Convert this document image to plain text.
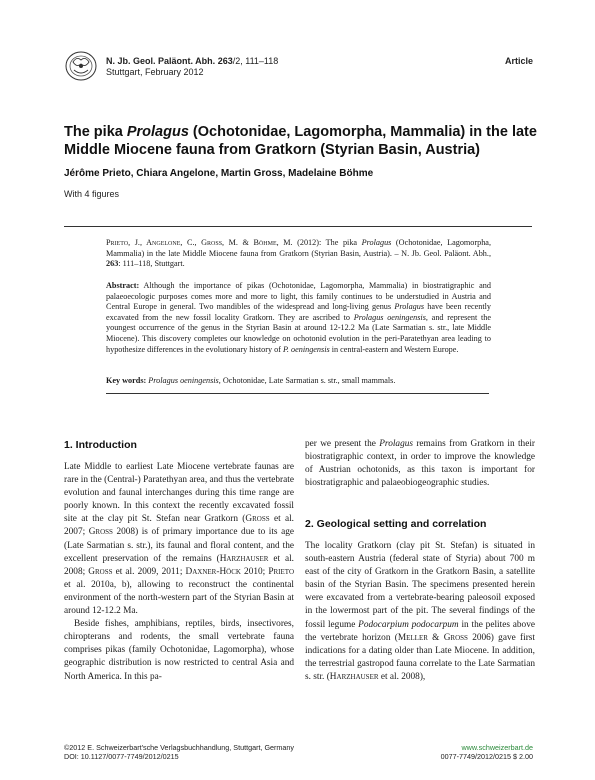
N. Jb. Geol. Paläont. Abh. 263/2, 111–118
Stuttgart, February 2012
Article
The pika Prolagus (Ochotonidae, Lagomorpha, Mammalia) in the late Middle Miocene fauna from Gratkorn (Styrian Basin, Austria)
Jérôme Prieto, Chiara Angelone, Martin Gross, Madelaine Böhme
With 4 figures
Prieto, J., Angelone, C., Gross, M. & Böhme, M. (2012): The pika Prolagus (Ochotonidae, Lagomorpha, Mammalia) in the late Middle Miocene fauna from Gratkorn (Styrian Basin, Austria). – N. Jb. Geol. Paläont. Abh., 263: 111–118, Stuttgart.
Abstract: Although the importance of pikas (Ochotonidae, Lagomorpha, Mammalia) in biostratigraphic and palaeoecologic purposes comes more and more to light, this family continues to be understudied in Austria and Central Europe in general. Two mandibles of the widespread and long-living genus Prolagus have been recently excavated from the new fossil locality Gratkorn. They are ascribed to Prolagus oeningensis, and represent the youngest occurrence of the genus in the Styrian Basin at around 12-12.2 Ma (Late Sarmatian s. str., late Middle Miocene). This discovery completes our knowledge on ochotonid evolution in the peri-Paratethyan area leading to hypothesize differences in the evolutionary history of P. oeningensis in central-eastern and Western Europe.
Key words: Prolagus oeningensis, Ochotonidae, Late Sarmatian s. str., small mammals.
1. Introduction

Late Middle to earliest Late Miocene vertebrate faunas are rare in the (Central-) Paratethyan area, and thus the vertebrate evolution and faunal interchanges during this time range are poorly known. In this context the recently excavated fossil site at the clay pit St. Stefan near Gratkorn (Gross et al. 2007; Gross 2008) is of primary importance due to its age (Late Sarmatian s. str.), its faunal and floral content, and the excellent preservation of the remains (Harzhauser et al. 2008; Gross et al. 2009, 2011; Daxner-Höck 2010; Prieto et al. 2010a, b), allowing to reconstruct the continental environment of the north-western part of the Styrian Basin at around 12-12.2 Ma.

Beside fishes, amphibians, reptiles, birds, insectivores, chiropterans and rodents, the small vertebrate fauna comprises pikas (family Ochotonidae, Lagomorpha), whose geographic distribution is now restricted to central Asia and North America. In this pa-

per we present the Prolagus remains from Gratkorn in their biostratigraphic context, in order to improve the knowledge of Austrian ochotonids, as this taxon is important for biostratigraphic and palaeobiogeographic studies.

2. Geological setting and correlation

The locality Gratkorn (clay pit St. Stefan) is situated in south-eastern Austria (federal state of Styria) about 700 m east of the city of Gratkorn in the Gratkorn Basin, a satellite basin of the Styrian Basin. The specimens presented herein were excavated from a vertebrate-bearing paleosoil exposed in the lowermost part of the pit. The several findings of the fossil legume Podocarpium podocarpum in the pelites above the vertebrate horizon (Meller & Gross 2006) gave first indications for a dating older than Late Miocene. In addition, the terrestrial gastropod fauna correlate to the Late Sarmatian s. str. (Harzhauser et al. 2008),

©2012 E. Schweizerbart'sche Verlagsbuchhandlung, Stuttgart, Germany
DOI: 10.1127/0077-7749/2012/0215
www.schweizerbart.de
0077-7749/2012/0215 $ 2.00
